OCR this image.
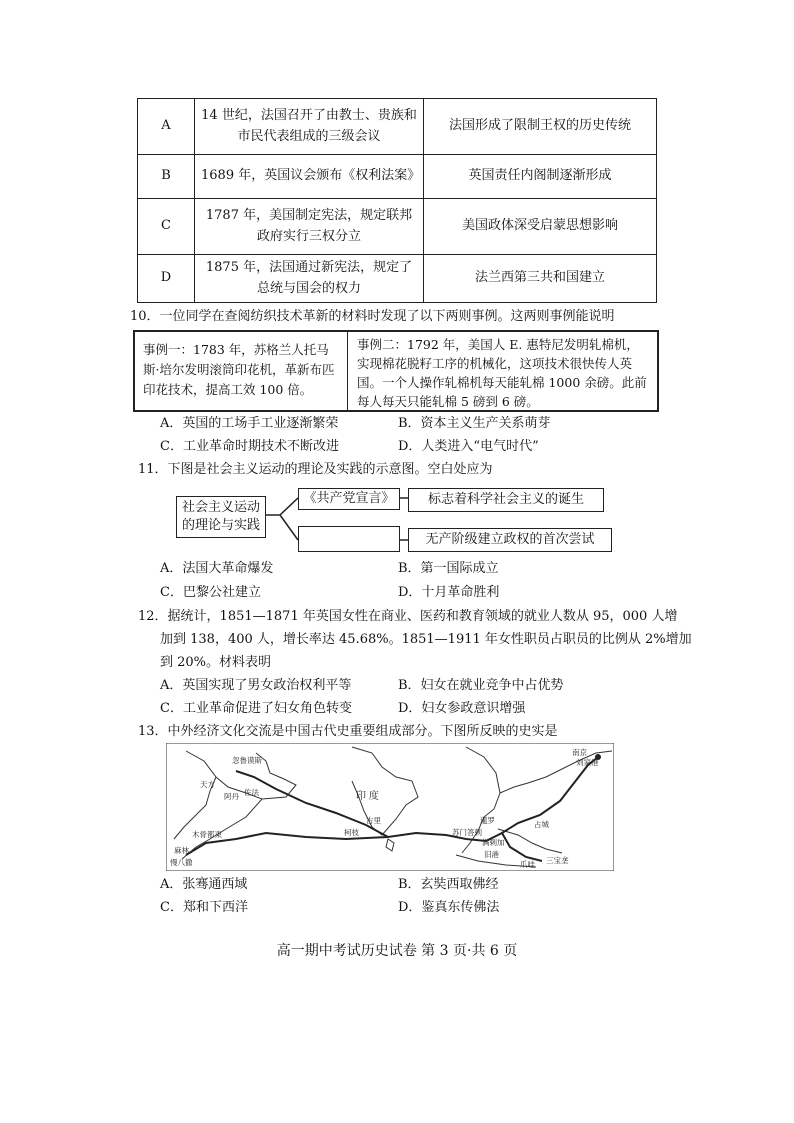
A	14 世纪，法国召开了由教士、贵族和市民代表组成的三级会议	法国形成了限制王权的历史传统
B	1689 年，英国议会颁布《权利法案》	英国责任内阁制逐渐形成
C	1787 年，美国制定宪法，规定联邦政府实行三权分立	美国政体深受启蒙思想影响
D	1875 年，法国通过新宪法，规定了总统与国会的权力	法兰西第三共和国建立
10．一位同学在查阅纺织技术革新的材料时发现了以下两则事例。这两则事例能说明
事例一：1783 年，苏格兰人托马斯·培尔发明滚筒印花机，革新布匹印花技术，提高工效 100 倍。
事例二：1792 年，美国人 E. 惠特尼发明轧棉机，实现棉花脱籽工序的机械化，这项技术很快传人英国。一个人操作轧棉机每天能轧棉 1000 余磅。此前每人每天只能轧棉 5 磅到 6 磅。
A．英国的工场手工业逐渐繁荣	B．资本主义生产关系萌芽
C．工业革命时期技术不断改进	D．人类进入“电气时代”
11．下图是社会主义运动的理论及实践的示意图。空白处应为
社会主义运动的理论与实践
《共产党宣言》	标志着科学社会主义的诞生
无产阶级建立政权的首次尝试
A．法国大革命爆发	B．第一国际成立
C．巴黎公社建立	D．十月革命胜利
12．据统计，1851—1871 年英国女性在商业、医药和教育领域的就业人数从 95，000 人增
加到 138，400 人，增长率达 45.68%。1851—1911 年女性职员占职员的比例从 2%增加
到 20%。材料表明
A．英国实现了男女政治权利平等	B．妇女在就业竞争中占优势
C．工业革命促进了妇女角色转变	D．妇女参政意识增强
13．中外经济文化交流是中国古代史重要组成部分。下图所反映的史实是
忽鲁谟斯
天方
阿丹 佐法
木骨都束
麻林
慢八撒
印 度
古里
柯枝
暹罗
满剌加
苏门答剌
旧港
爪哇 三宝垄
南京
刘家港
占城
A．张骞通西域	B．玄奘西取佛经
C．郑和下西洋	D．鉴真东传佛法
高一期中考试历史试卷 第 3 页·共 6 页
